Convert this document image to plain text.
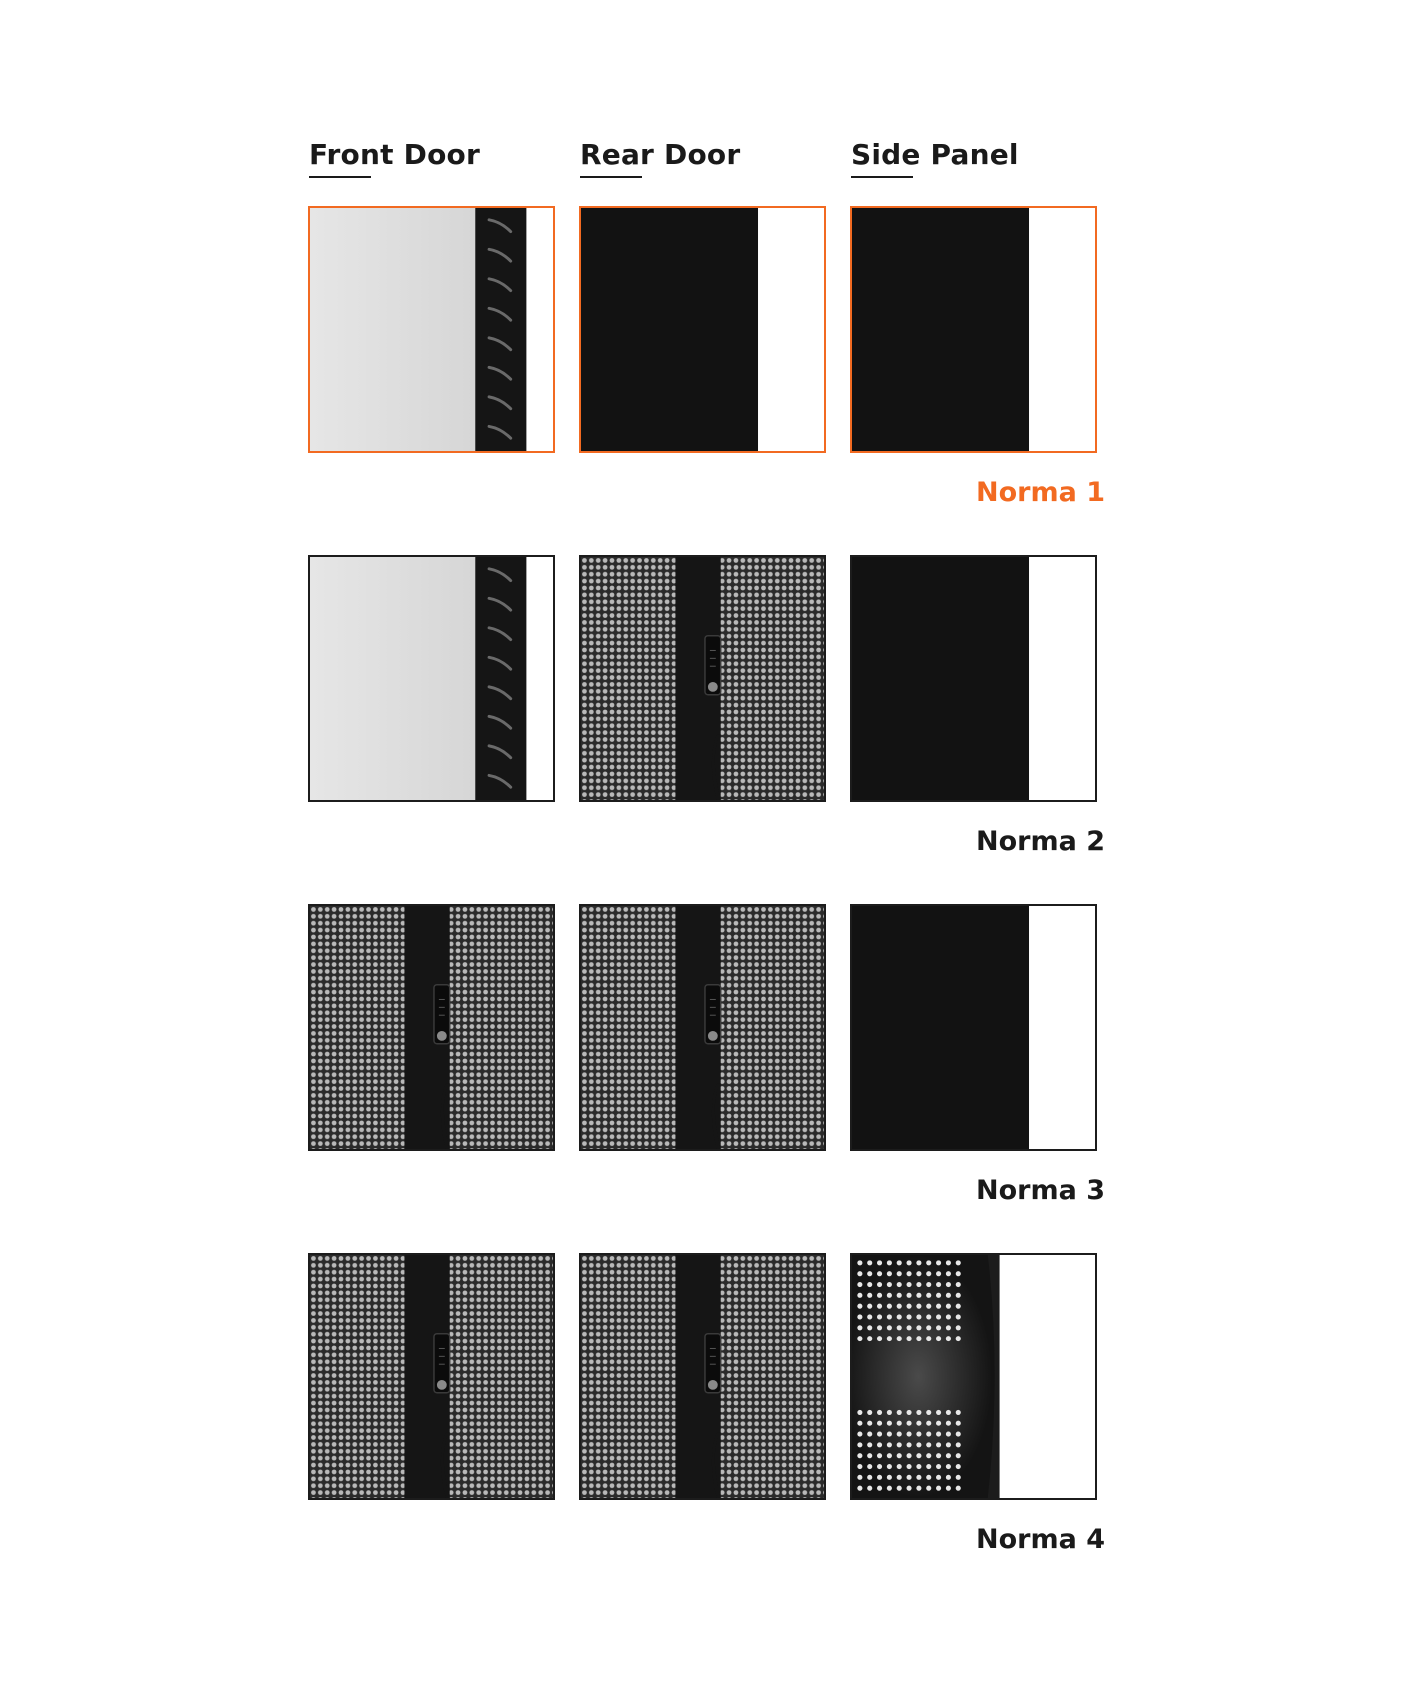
Front Door	Rear Door	Side Panel
Norma 1
Norma 2
Norma 3
Norma 4
